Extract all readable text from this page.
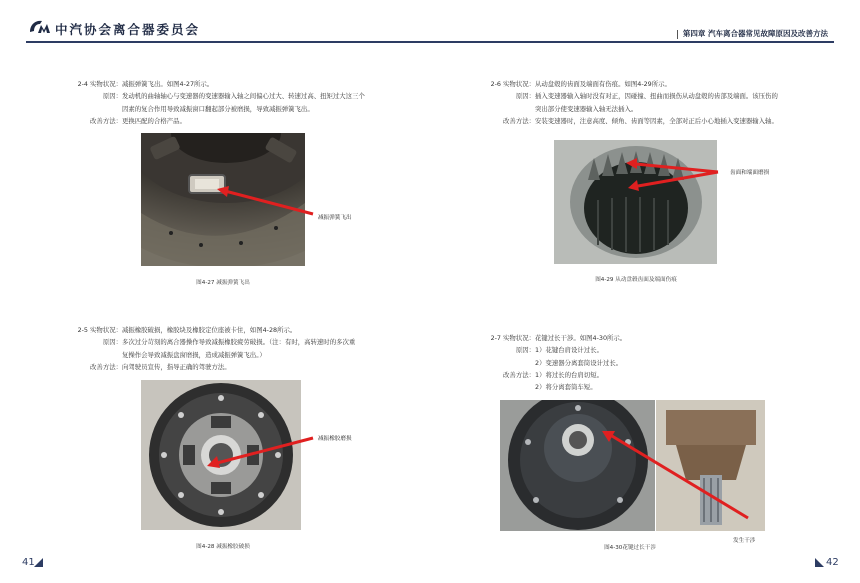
中汽协会离合器委员会	第四章 汽车离合器常见故障原因及改善方法
2-4 实物状况：减振弹簧飞出。如图4-27所示。
原因：发动机的曲轴轴心与变速器的变速器输入轴之间偏心过大、转速过高、扭矩过大这三个
因素的复合作用导致减振窗口翻起部分被磨损，导致减振弹簧飞出。
改善方法：更换匹配的合格产品。
减振弹簧飞出
图4-27 减振弹簧飞出
2-5 实物状况：减振橡胶破损，橡胶块及橡胶定位座被卡住，如图4-28所示。
原因：多次过分苛刻的离合器操作导致减振橡胶疲劳破损。（注：有时，高转速时的多次重
复操作会导致减振盘窗磨损，造成减振弹簧飞出。）
改善方法：向驾驶员宣传，指导正确的驾驶方法。
减振橡胶磨损
图4-28 减振橡胶破损
41
2-6 实物状况：从动盘毂的齿面及端面有伤痕。如图4-29所示。
原因：插入变速器输入轴时没有对正，因碰撞、扭曲而损伤从动盘毂的齿部及端面。该压伤的
突出部分使变速器输入轴无法插入。
改善方法：安装变速器时，注意高度、倾角、齿面等因素，全部对正后小心地插入变速器输入轴。
齿面和端面磨损
图4-29 从动盘毂齿面及端面伤痕
2-7 实物状况：花键过长干涉。如图4-30所示。
原因：1）花键台肩设计过长。
2）变速器分离套筒设计过长。
改善方法：1）将过长的台肩切短。
2）将分离套筒车短。
发生干涉
图4-30花键过长干涉
42
